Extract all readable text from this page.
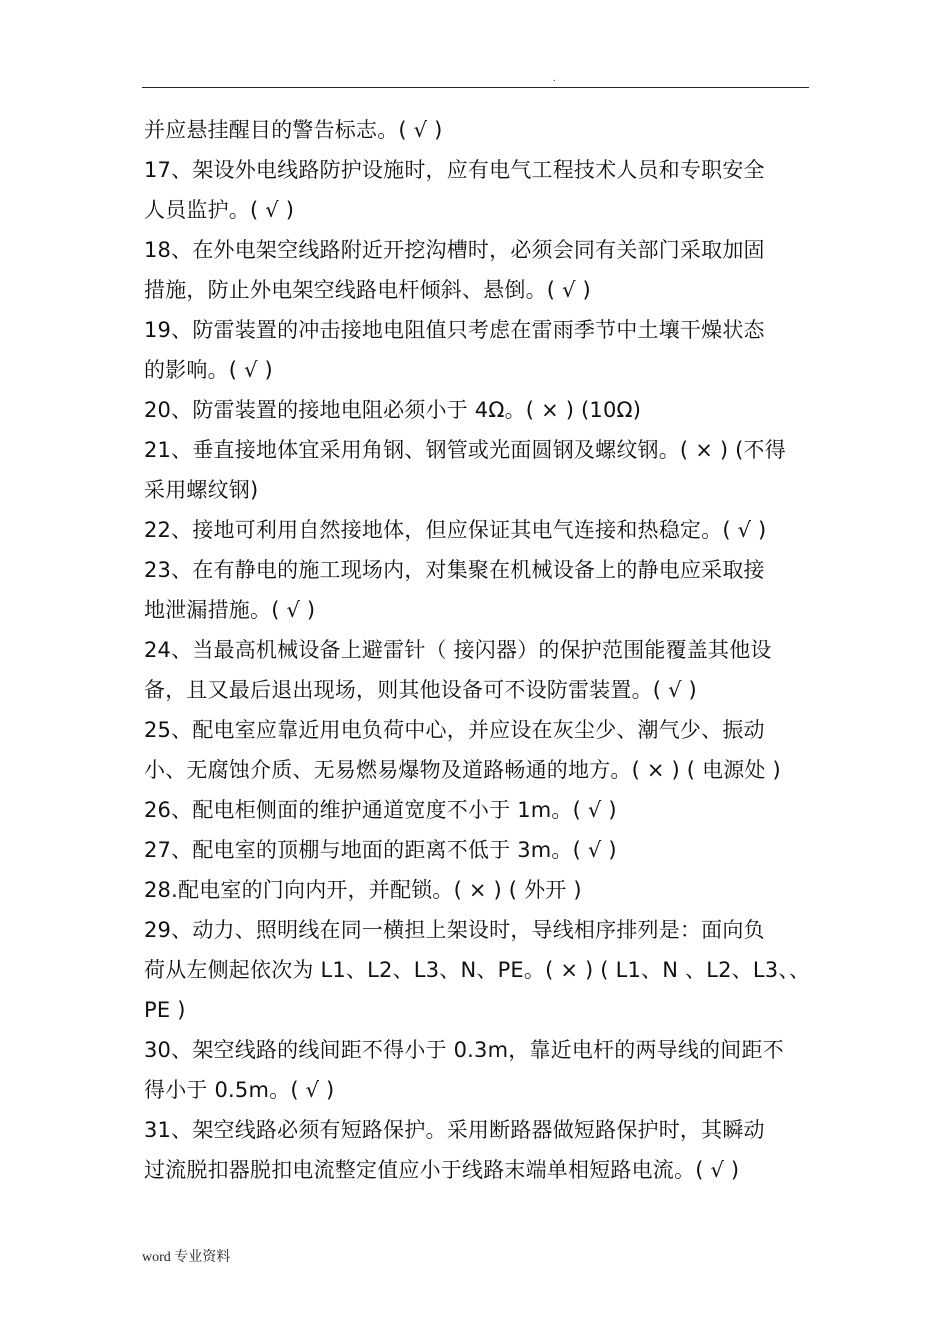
.
并应悬挂醒目的警告标志。( √ )
17、架设外电线路防护设施时，应有电气工程技术人员和专职安全
人员监护。( √ )
18、在外电架空线路附近开挖沟槽时，必须会同有关部门采取加固
措施，防止外电架空线路电杆倾斜、悬倒。( √ )
19、防雷装置的冲击接地电阻值只考虑在雷雨季节中土壤干燥状态
的影响。( √ )
20、防雷装置的接地电阻必须小于 4Ω。( × ) (10Ω)
21、垂直接地体宜采用角钢、钢管或光面圆钢及螺纹钢。( × ) (不得
采用螺纹钢)
22、接地可利用自然接地体，但应保证其电气连接和热稳定。( √ )
23、在有静电的施工现场内，对集聚在机械设备上的静电应采取接
地泄漏措施。( √ )
24、当最高机械设备上避雷针（ 接闪器）的保护范围能覆盖其他设
备，且又最后退出现场，则其他设备可不设防雷装置。( √ )
25、配电室应靠近用电负荷中心，并应设在灰尘少、潮气少、振动
小、无腐蚀介质、无易燃易爆物及道路畅通的地方。( × ) ( 电源处 )
26、配电柜侧面的维护通道宽度不小于 1m。( √ )
27、配电室的顶棚与地面的距离不低于 3m。( √ )
28.配电室的门向内开，并配锁。( × ) ( 外开 )
29、动力、照明线在同一横担上架设时，导线相序排列是：面向负
荷从左侧起依次为 L1、L2、L3、N、PE。( × ) ( L1、N 、L2、L3、、
PE )
30、架空线路的线间距不得小于 0.3m，靠近电杆的两导线的间距不
得小于 0.5m。( √ )
31、架空线路必须有短路保护。采用断路器做短路保护时，其瞬动
过流脱扣器脱扣电流整定值应小于线路末端单相短路电流。( √ )
word 专业资料
